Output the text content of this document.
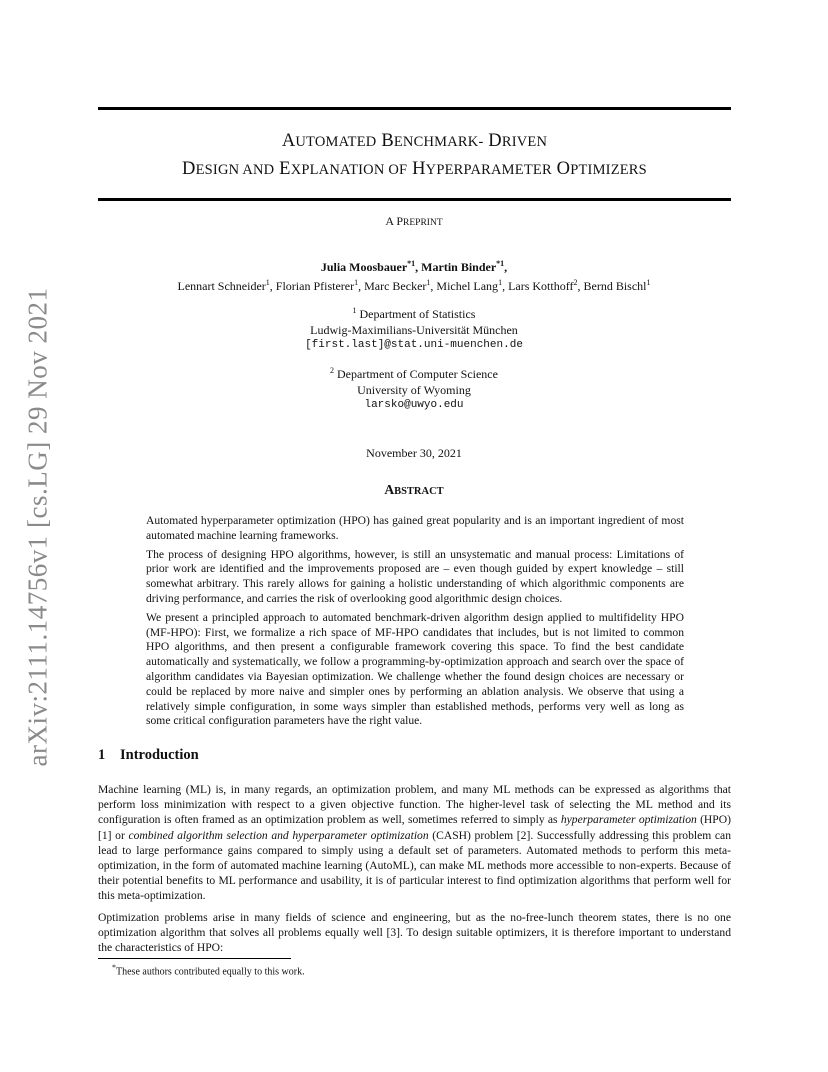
arXiv:2111.14756v1 [cs.LG] 29 Nov 2021
AUTOMATED BENCHMARK- DRIVEN
DESIGN AND EXPLANATION OF HYPERPARAMETER OPTIMIZERS
A PREPRINT
Julia Moosbauer$^{*1}$, Martin Binder$^{*1}$,
Lennart Schneider$^1$, Florian Pfisterer$^1$, Marc Becker$^1$, Michel Lang$^1$, Lars Kotthoff$^2$, Bernd Bischl$^1$
$^1$ Department of Statistics
Ludwig-Maximilians-Universität München
[first.last]@stat.uni-muenchen.de
$^2$ Department of Computer Science
University of Wyoming
larsko@uwyo.edu
November 30, 2021
ABSTRACT

Automated hyperparameter optimization (HPO) has gained great popularity and is an important ingredient of most automated machine learning frameworks.

The process of designing HPO algorithms, however, is still an unsystematic and manual process: Limitations of prior work are identified and the improvements proposed are – even though guided by expert knowledge – still somewhat arbitrary. This rarely allows for gaining a holistic understanding of which algorithmic components are driving performance, and carries the risk of overlooking good algorithmic design choices.

We present a principled approach to automated benchmark-driven algorithm design applied to multifidelity HPO (MF-HPO): First, we formalize a rich space of MF-HPO candidates that includes, but is not limited to common HPO algorithms, and then present a configurable framework covering this space. To find the best candidate automatically and systematically, we follow a programming-by-optimization approach and search over the space of algorithm candidates via Bayesian optimization. We challenge whether the found design choices are necessary or could be replaced by more naive and simpler ones by performing an ablation analysis. We observe that using a relatively simple configuration, in some ways simpler than established methods, performs very well as long as some critical configuration parameters have the right value.

1 Introduction

Machine learning (ML) is, in many regards, an optimization problem, and many ML methods can be expressed as algorithms that perform loss minimization with respect to a given objective function. The higher-level task of selecting the ML method and its configuration is often framed as an optimization problem as well, sometimes referred to simply as hyperparameter optimization (HPO) [1] or combined algorithm selection and hyperparameter optimization (CASH) problem [2]. Successfully addressing this problem can lead to large performance gains compared to simply using a default set of parameters. Automated methods to perform this meta-optimization, in the form of automated machine learning (AutoML), can make ML methods more accessible to non-experts. Because of their potential benefits to ML performance and usability, it is of particular interest to find optimization algorithms that perform well for this meta-optimization.

Optimization problems arise in many fields of science and engineering, but as the no-free-lunch theorem states, there is no one optimization algorithm that solves all problems equally well [3]. To design suitable optimizers, it is therefore important to understand the characteristics of HPO:

*These authors contributed equally to this work.
